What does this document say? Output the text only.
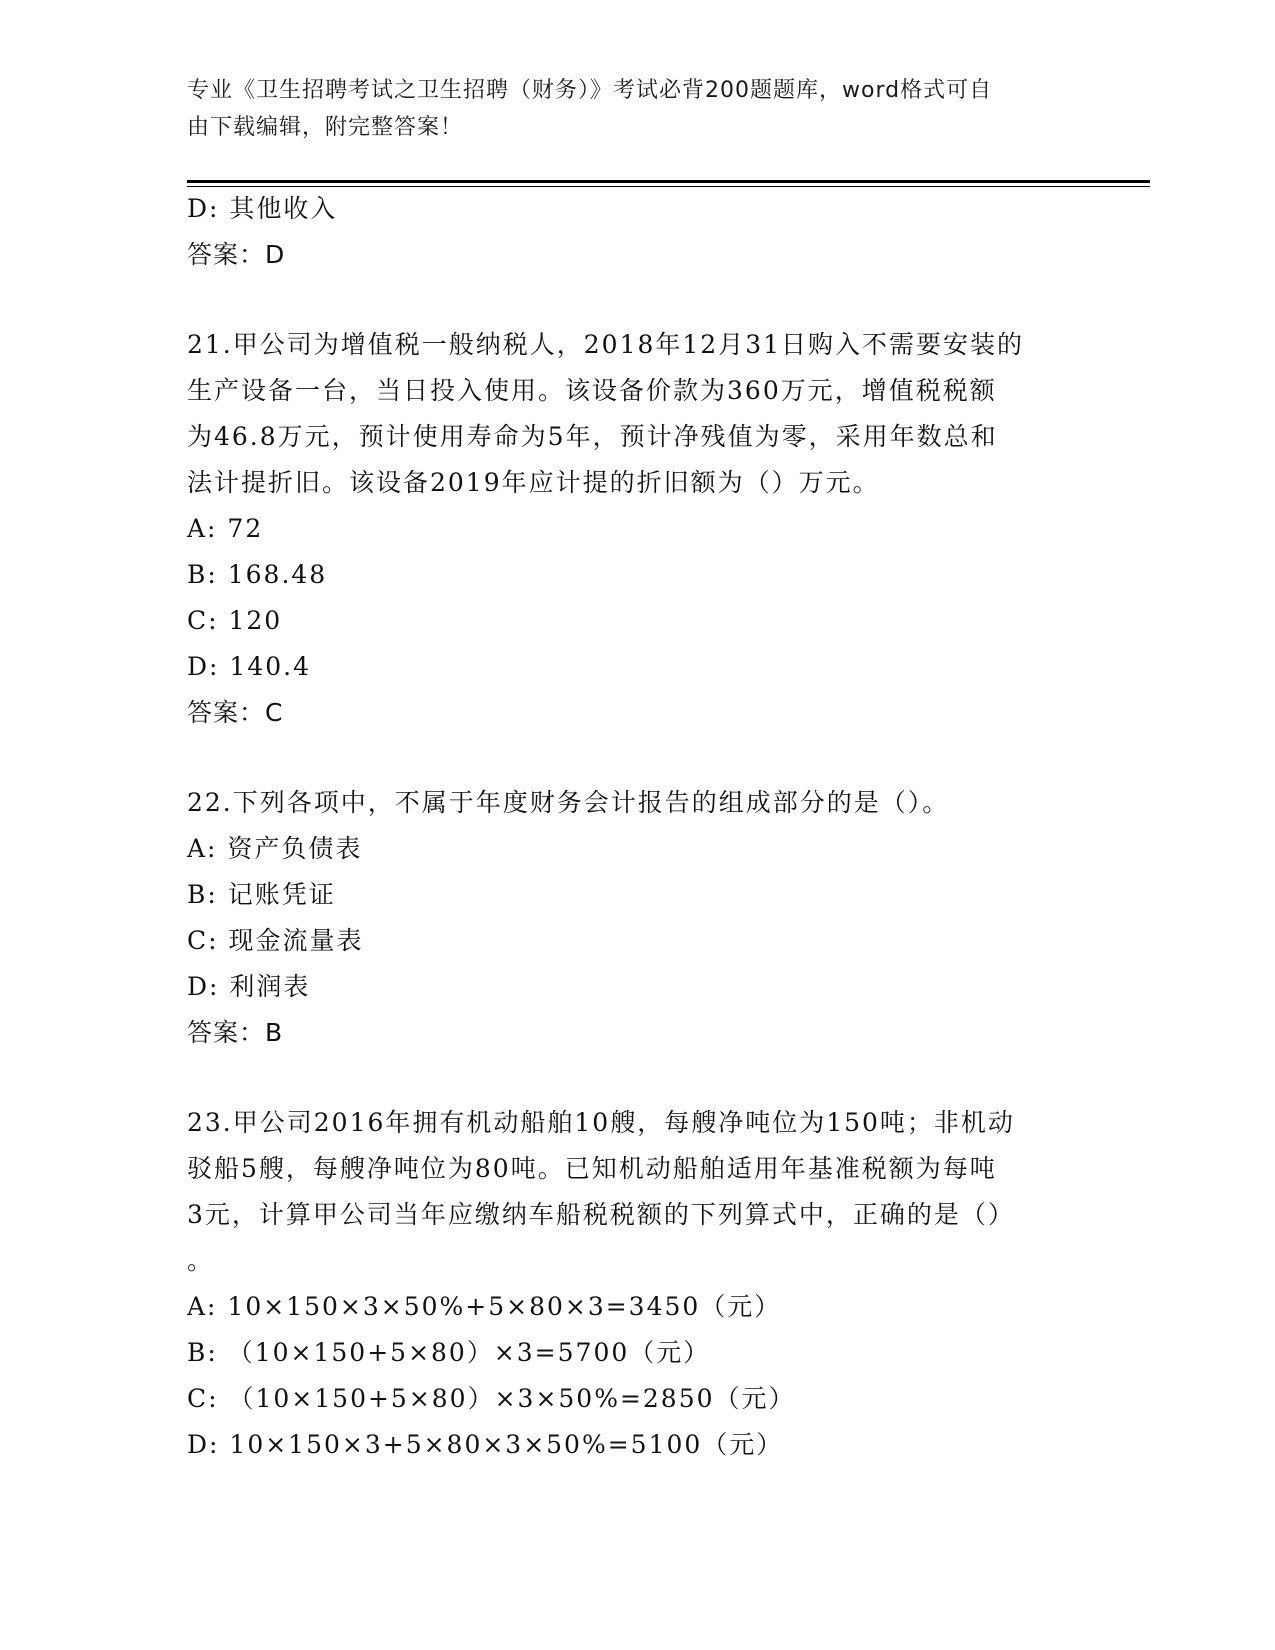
专业《卫生招聘考试之卫生招聘（财务）》考试必背200题题库，word格式可自
由下载编辑，附完整答案！
D: 其他收入
答案：D
21.甲公司为增值税一般纳税人，2018年12月31日购入不需要安装的
生产设备一台，当日投入使用。该设备价款为360万元，增值税税额
为46.8万元，预计使用寿命为5年，预计净残值为零，采用年数总和
法计提折旧。该设备2019年应计提的折旧额为（）万元。
A: 72
B: 168.48
C: 120
D: 140.4
答案：C
22.下列各项中，不属于年度财务会计报告的组成部分的是（）。
A: 资产负债表
B: 记账凭证
C: 现金流量表
D: 利润表
答案：B
23.甲公司2016年拥有机动船舶10艘，每艘净吨位为150吨；非机动
驳船5艘，每艘净吨位为80吨。已知机动船舶适用年基准税额为每吨
3元，计算甲公司当年应缴纳车船税税额的下列算式中，正确的是（）
。
A: 10×150×3×50%+5×80×3=3450（元）
B: （10×150+5×80）×3=5700（元）
C: （10×150+5×80）×3×50%=2850（元）
D: 10×150×3+5×80×3×50%=5100（元）
